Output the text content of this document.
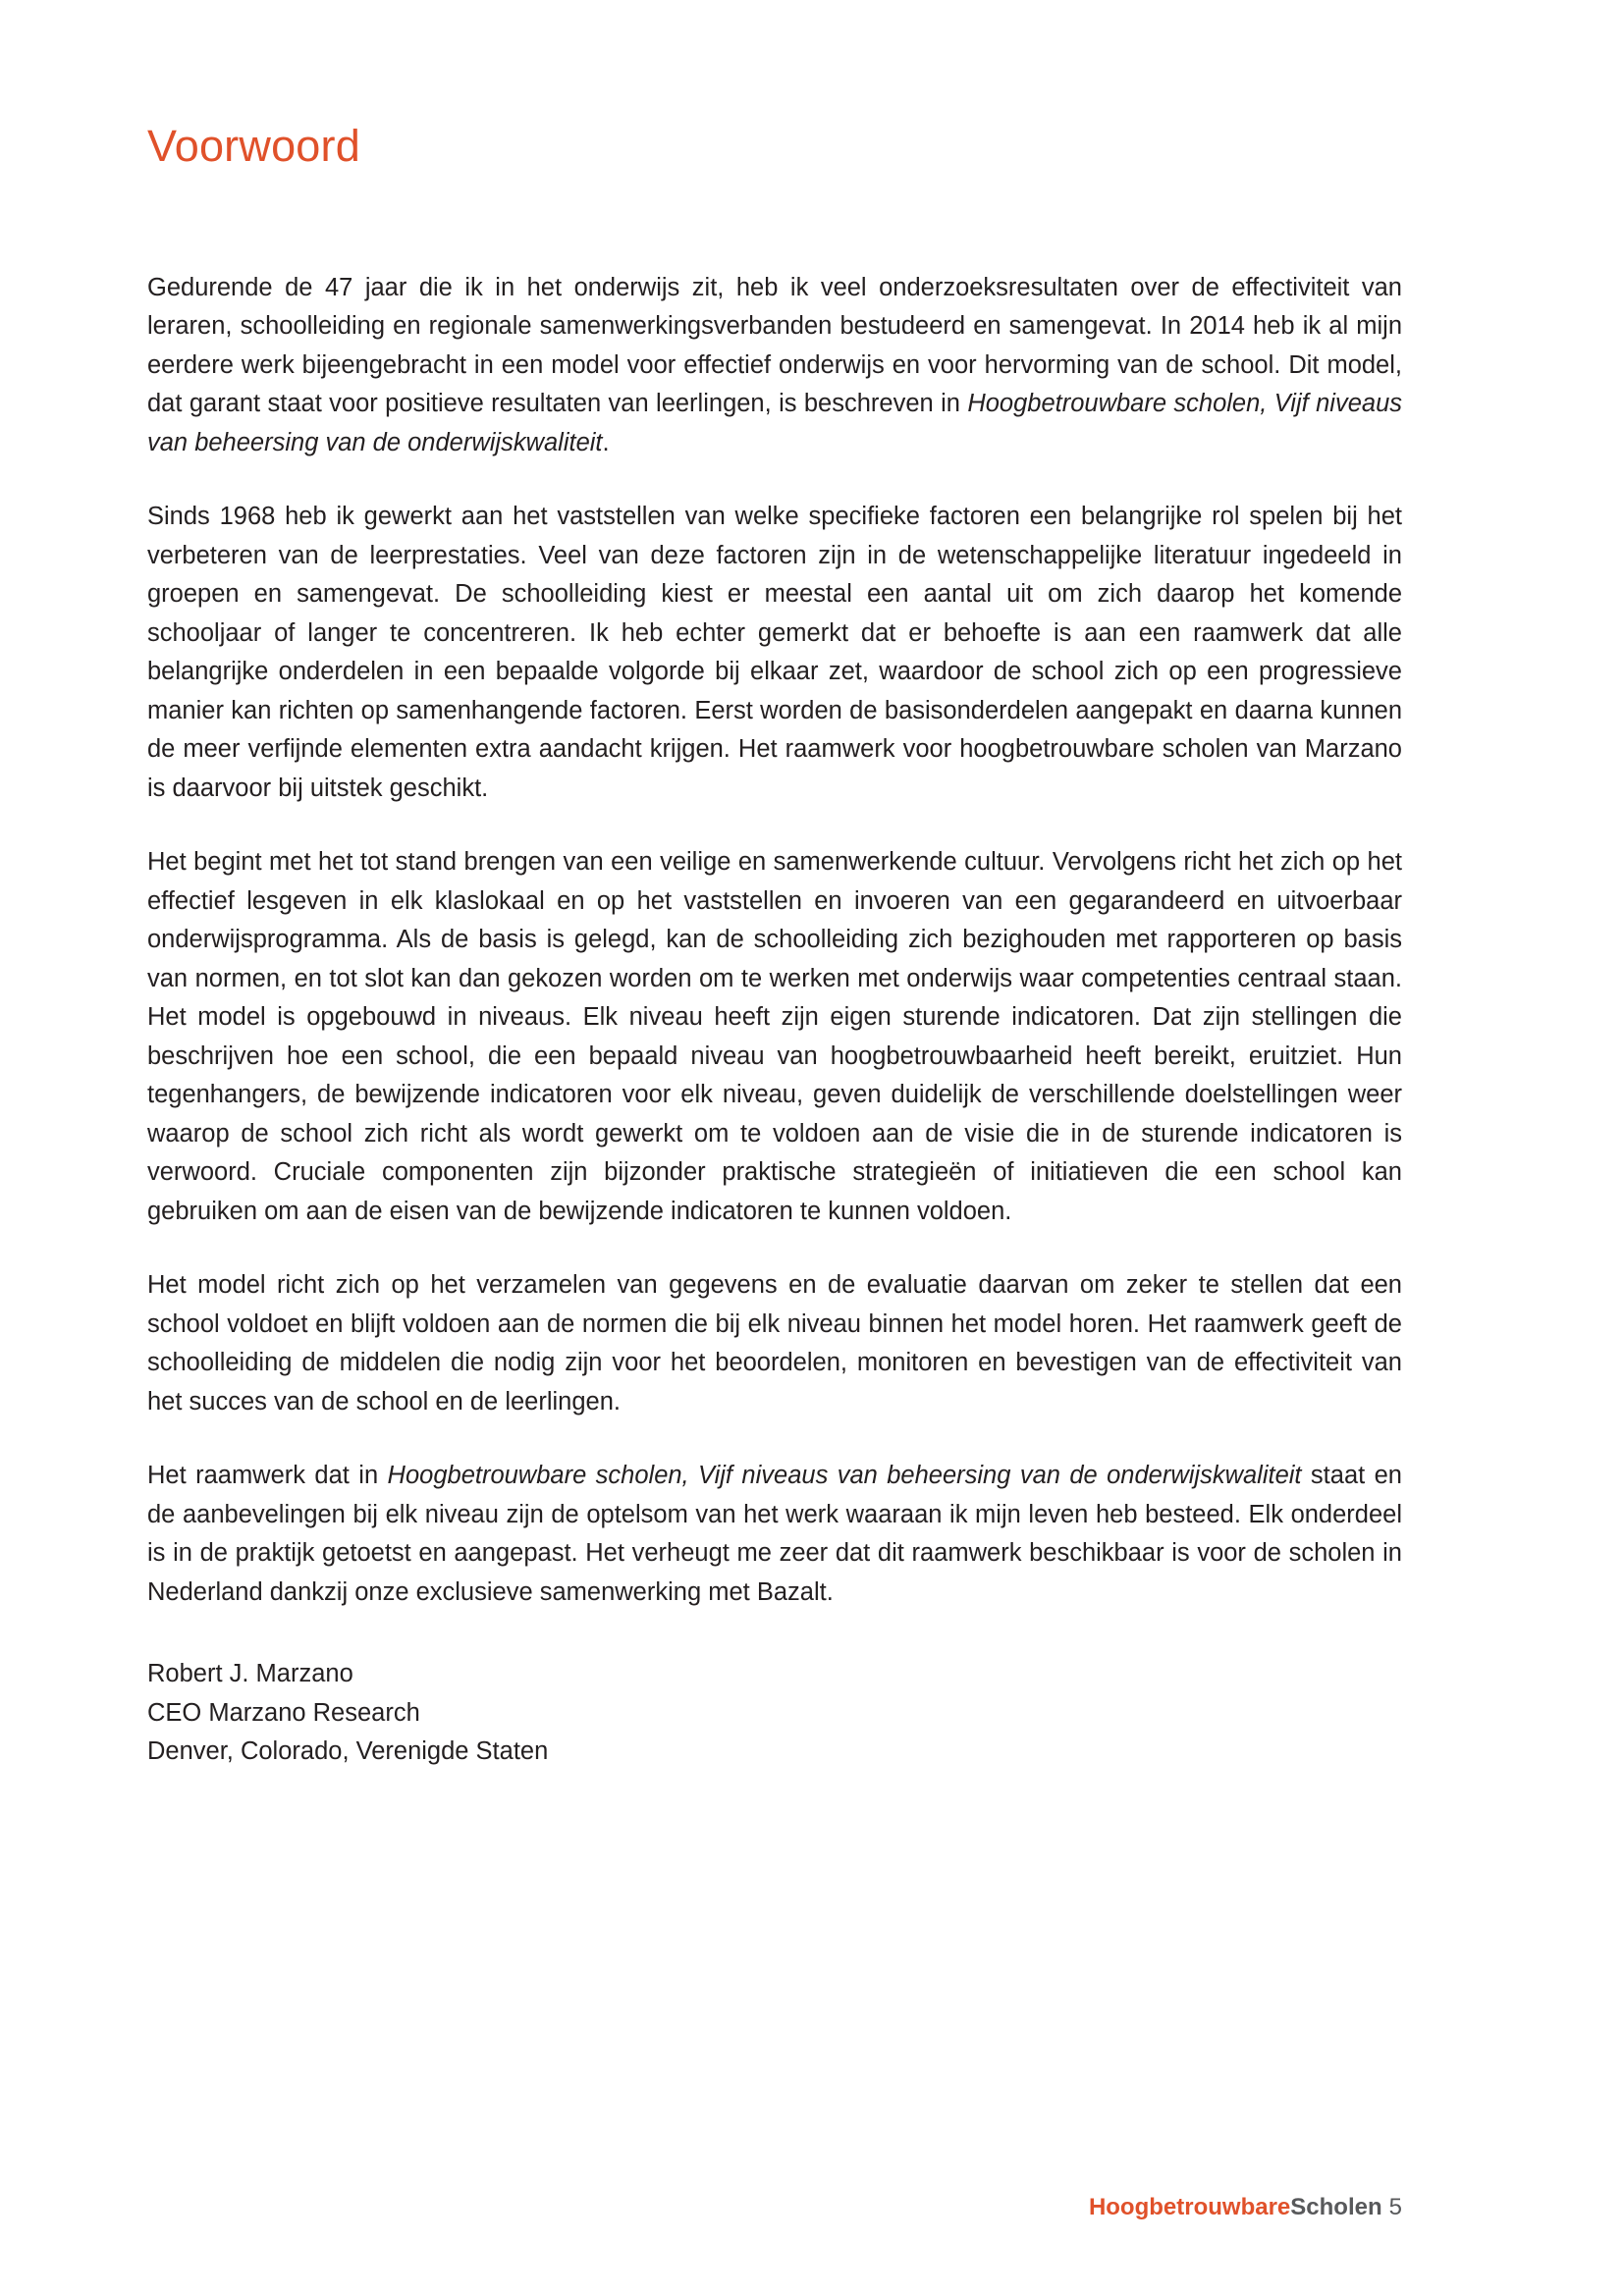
Voorwoord

Gedurende de 47 jaar die ik in het onderwijs zit, heb ik veel onderzoeksresultaten over de effectiviteit van leraren, schoolleiding en regionale samenwerkingsverbanden bestudeerd en samengevat. In 2014 heb ik al mijn eerdere werk bijeengebracht in een model voor effectief onderwijs en voor hervorming van de school. Dit model, dat garant staat voor positieve resultaten van leerlingen, is beschreven in Hoogbetrouwbare scholen, Vijf niveaus van beheersing van de onderwijskwaliteit.

Sinds 1968 heb ik gewerkt aan het vaststellen van welke specifieke factoren een belangrijke rol spelen bij het verbeteren van de leerprestaties. Veel van deze factoren zijn in de wetenschappelijke literatuur ingedeeld in groepen en samengevat. De schoolleiding kiest er meestal een aantal uit om zich daarop het komende schooljaar of langer te concentreren. Ik heb echter gemerkt dat er behoefte is aan een raamwerk dat alle belangrijke onderdelen in een bepaalde volgorde bij elkaar zet, waardoor de school zich op een progressieve manier kan richten op samenhangende factoren. Eerst worden de basisonderdelen aangepakt en daarna kunnen de meer verfijnde elementen extra aandacht krijgen. Het raamwerk voor hoogbetrouwbare scholen van Marzano is daarvoor bij uitstek geschikt.

Het begint met het tot stand brengen van een veilige en samenwerkende cultuur. Vervolgens richt het zich op het effectief lesgeven in elk klaslokaal en op het vaststellen en invoeren van een gegarandeerd en uitvoerbaar onderwijsprogramma. Als de basis is gelegd, kan de schoolleiding zich bezighouden met rapporteren op basis van normen, en tot slot kan dan gekozen worden om te werken met onderwijs waar competenties centraal staan. Het model is opgebouwd in niveaus. Elk niveau heeft zijn eigen sturende indicatoren. Dat zijn stellingen die beschrijven hoe een school, die een bepaald niveau van hoogbetrouwbaarheid heeft bereikt, eruitziet. Hun tegenhangers, de bewijzende indicatoren voor elk niveau, geven duidelijk de verschillende doelstellingen weer waarop de school zich richt als wordt gewerkt om te voldoen aan de visie die in de sturende indicatoren is verwoord. Cruciale componenten zijn bijzonder praktische strategieën of initiatieven die een school kan gebruiken om aan de eisen van de bewijzende indicatoren te kunnen voldoen.

Het model richt zich op het verzamelen van gegevens en de evaluatie daarvan om zeker te stellen dat een school voldoet en blijft voldoen aan de normen die bij elk niveau binnen het model horen. Het raamwerk geeft de schoolleiding de middelen die nodig zijn voor het beoordelen, monitoren en bevestigen van de effectiviteit van het succes van de school en de leerlingen.

Het raamwerk dat in Hoogbetrouwbare scholen, Vijf niveaus van beheersing van de onderwijskwaliteit staat en de aanbevelingen bij elk niveau zijn de optelsom van het werk waaraan ik mijn leven heb besteed. Elk onderdeel is in de praktijk getoetst en aangepast. Het verheugt me zeer dat dit raamwerk beschikbaar is voor de scholen in Nederland dankzij onze exclusieve samenwerking met Bazalt.

Robert J. Marzano
CEO Marzano Research
Denver, Colorado, Verenigde Staten
HoogbetrouwbareScholen 5
